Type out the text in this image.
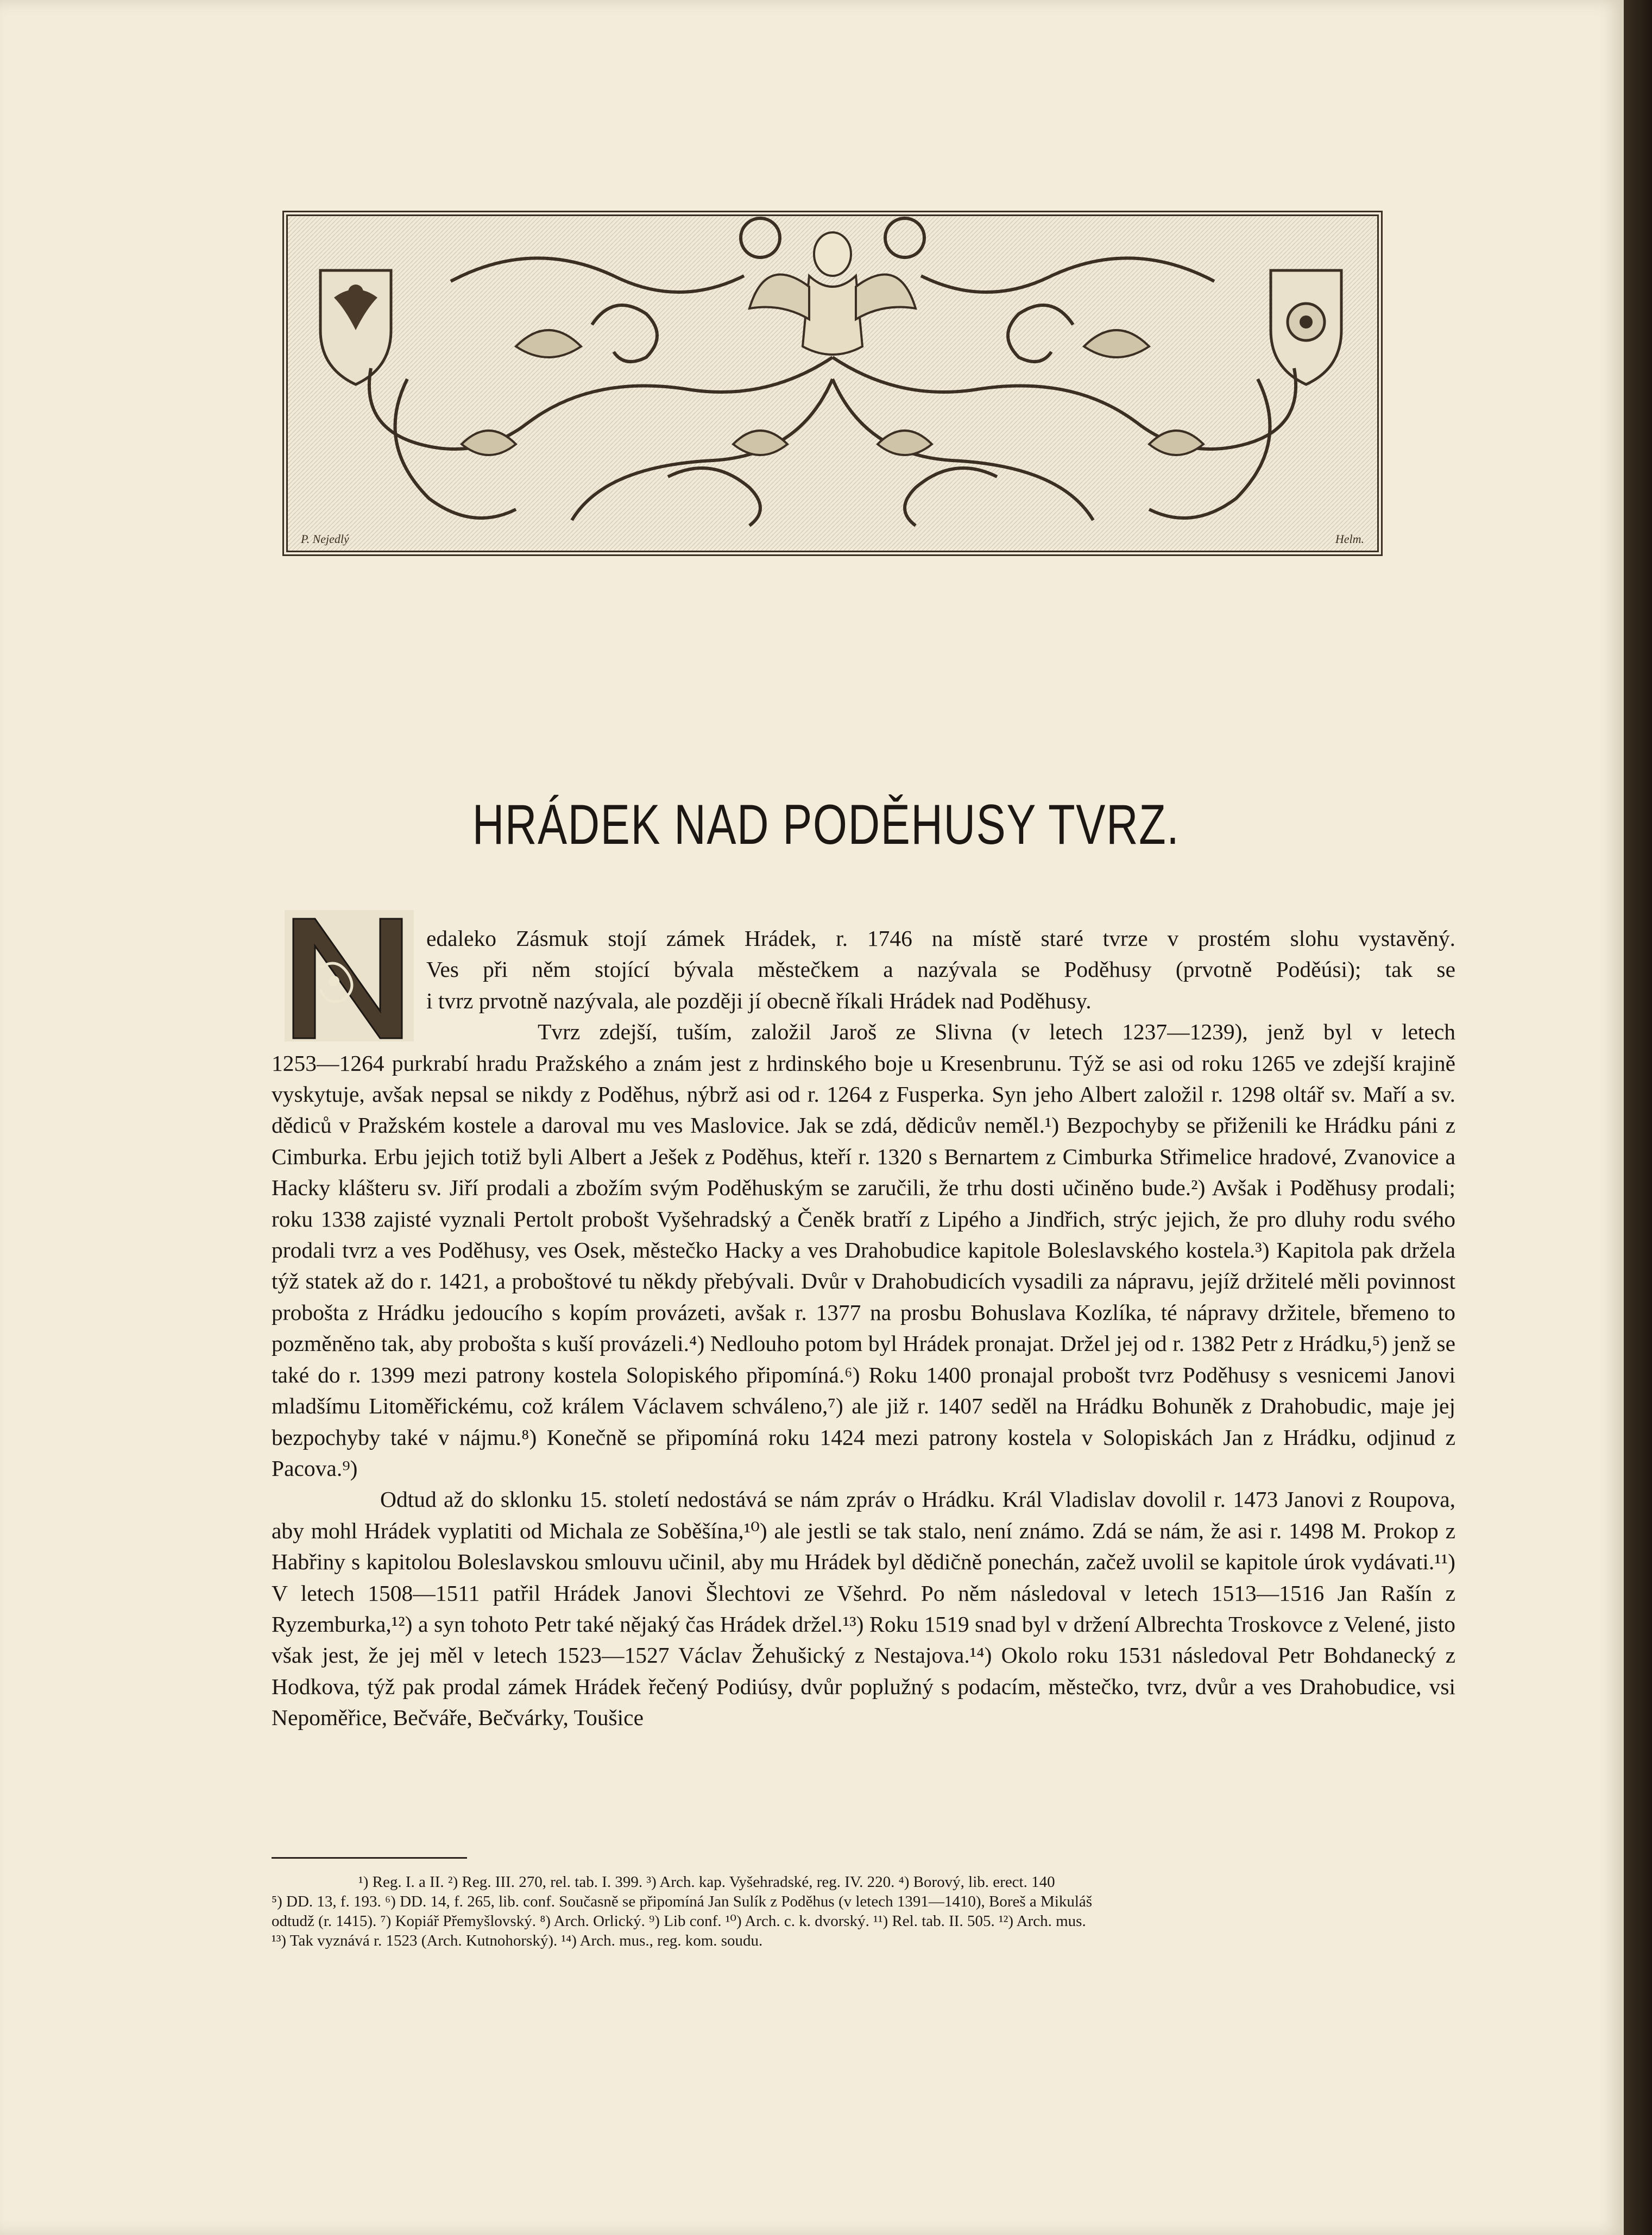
P. Nejedlý	Helm.
HRÁDEK NAD PODĚHUSY TVRZ.

edaleko Zásmuk stojí zámek Hrádek, r. 1746 na místě staré tvrze v prostém slohu vystavěný.

Ves při něm stojící bývala městečkem a nazývala se Poděhusy (prvotně Poděúsi); tak se

i tvrz prvotně nazývala, ale později jí obecně říkali Hrádek nad Poděhusy.

Tvrz zdejší, tuším, založil Jaroš ze Slivna (v letech 1237—1239), jenž byl v letech

1253—1264 purkrabí hradu Pražského a znám jest z hrdinského boje u Kresenbrunu. Týž se asi od roku 1265 ve zdejší krajině vyskytuje, avšak nepsal se nikdy z Poděhus, nýbrž asi od r. 1264 z Fusperka. Syn jeho Albert založil r. 1298 oltář sv. Maří a sv. dědiců v Pražském kostele a daroval mu ves Maslovice. Jak se zdá, dědicův neměl.¹) Bezpochyby se přiženili ke Hrádku páni z Cimburka. Erbu jejich totiž byli Albert a Ješek z Poděhus, kteří r. 1320 s Bernartem z Cimburka Střimelice hradové, Zvanovice a Hacky klášteru sv. Jiří prodali a zbožím svým Poděhuským se zaručili, že trhu dosti učiněno bude.²) Avšak i Poděhusy prodali; roku 1338 zajisté vyznali Pertolt probošt Vyšehradský a Čeněk bratří z Lipého a Jindřich, strýc jejich, že pro dluhy rodu svého prodali tvrz a ves Poděhusy, ves Osek, městečko Hacky a ves Drahobudice kapitole Boleslavského kostela.³) Kapitola pak držela týž statek až do r. 1421, a proboštové tu někdy přebývali. Dvůr v Drahobudicích vysadili za nápravu, jejíž držitelé měli povinnost probošta z Hrádku jedoucího s kopím provázeti, avšak r. 1377 na prosbu Bohuslava Kozlíka, té nápravy držitele, břemeno to pozměněno tak, aby probošta s kuší provázeli.⁴) Nedlouho potom byl Hrádek pronajat. Držel jej od r. 1382 Petr z Hrádku,⁵) jenž se také do r. 1399 mezi patrony kostela Solopiského připomíná.⁶) Roku 1400 pronajal probošt tvrz Poděhusy s vesnicemi Janovi mladšímu Litoměřickému, což králem Václavem schváleno,⁷) ale již r. 1407 seděl na Hrádku Bohuněk z Drahobudic, maje jej bezpochyby také v nájmu.⁸) Konečně se připomíná roku 1424 mezi patrony kostela v Solopiskách Jan z Hrádku, odjinud z Pacova.⁹)

Odtud až do sklonku 15. století nedostává se nám zpráv o Hrádku. Král Vladislav dovolil r. 1473 Janovi z Roupova, aby mohl Hrádek vyplatiti od Michala ze Soběšína,¹⁰) ale jestli se tak stalo, není známo. Zdá se nám, že asi r. 1498 M. Prokop z Habřiny s kapitolou Boleslavskou smlouvu učinil, aby mu Hrádek byl dědičně ponechán, začež uvolil se kapitole úrok vydávati.¹¹) V letech 1508—1511 patřil Hrádek Janovi Šlechtovi ze Všehrd. Po něm následoval v letech 1513—1516 Jan Rašín z Ryzemburka,¹²) a syn tohoto Petr také nějaký čas Hrádek držel.¹³) Roku 1519 snad byl v držení Albrechta Troskovce z Velené, jisto však jest, že jej měl v letech 1523—1527 Václav Žehušický z Nestajova.¹⁴) Okolo roku 1531 následoval Petr Bohdanecký z Hodkova, týž pak prodal zámek Hrádek řečený Podiúsy, dvůr poplužný s podacím, městečko, tvrz, dvůr a ves Drahobudice, vsi Nepoměřice, Bečváře, Bečvárky, Toušice

¹) Reg. I. a II. ²) Reg. III. 270, rel. tab. I. 399. ³) Arch. kap. Vyšehradské, reg. IV. 220. ⁴) Borový, lib. erect. 140

⁵) DD. 13, f. 193. ⁶) DD. 14, f. 265, lib. conf. Současně se připomíná Jan Sulík z Poděhus (v letech 1391—1410), Boreš a Mikuláš

odtudž (r. 1415). ⁷) Kopiář Přemyšlovský. ⁸) Arch. Orlický. ⁹) Lib conf. ¹⁰) Arch. c. k. dvorský. ¹¹) Rel. tab. II. 505. ¹²) Arch. mus.

¹³) Tak vyznává r. 1523 (Arch. Kutnohorský). ¹⁴) Arch. mus., reg. kom. soudu.
